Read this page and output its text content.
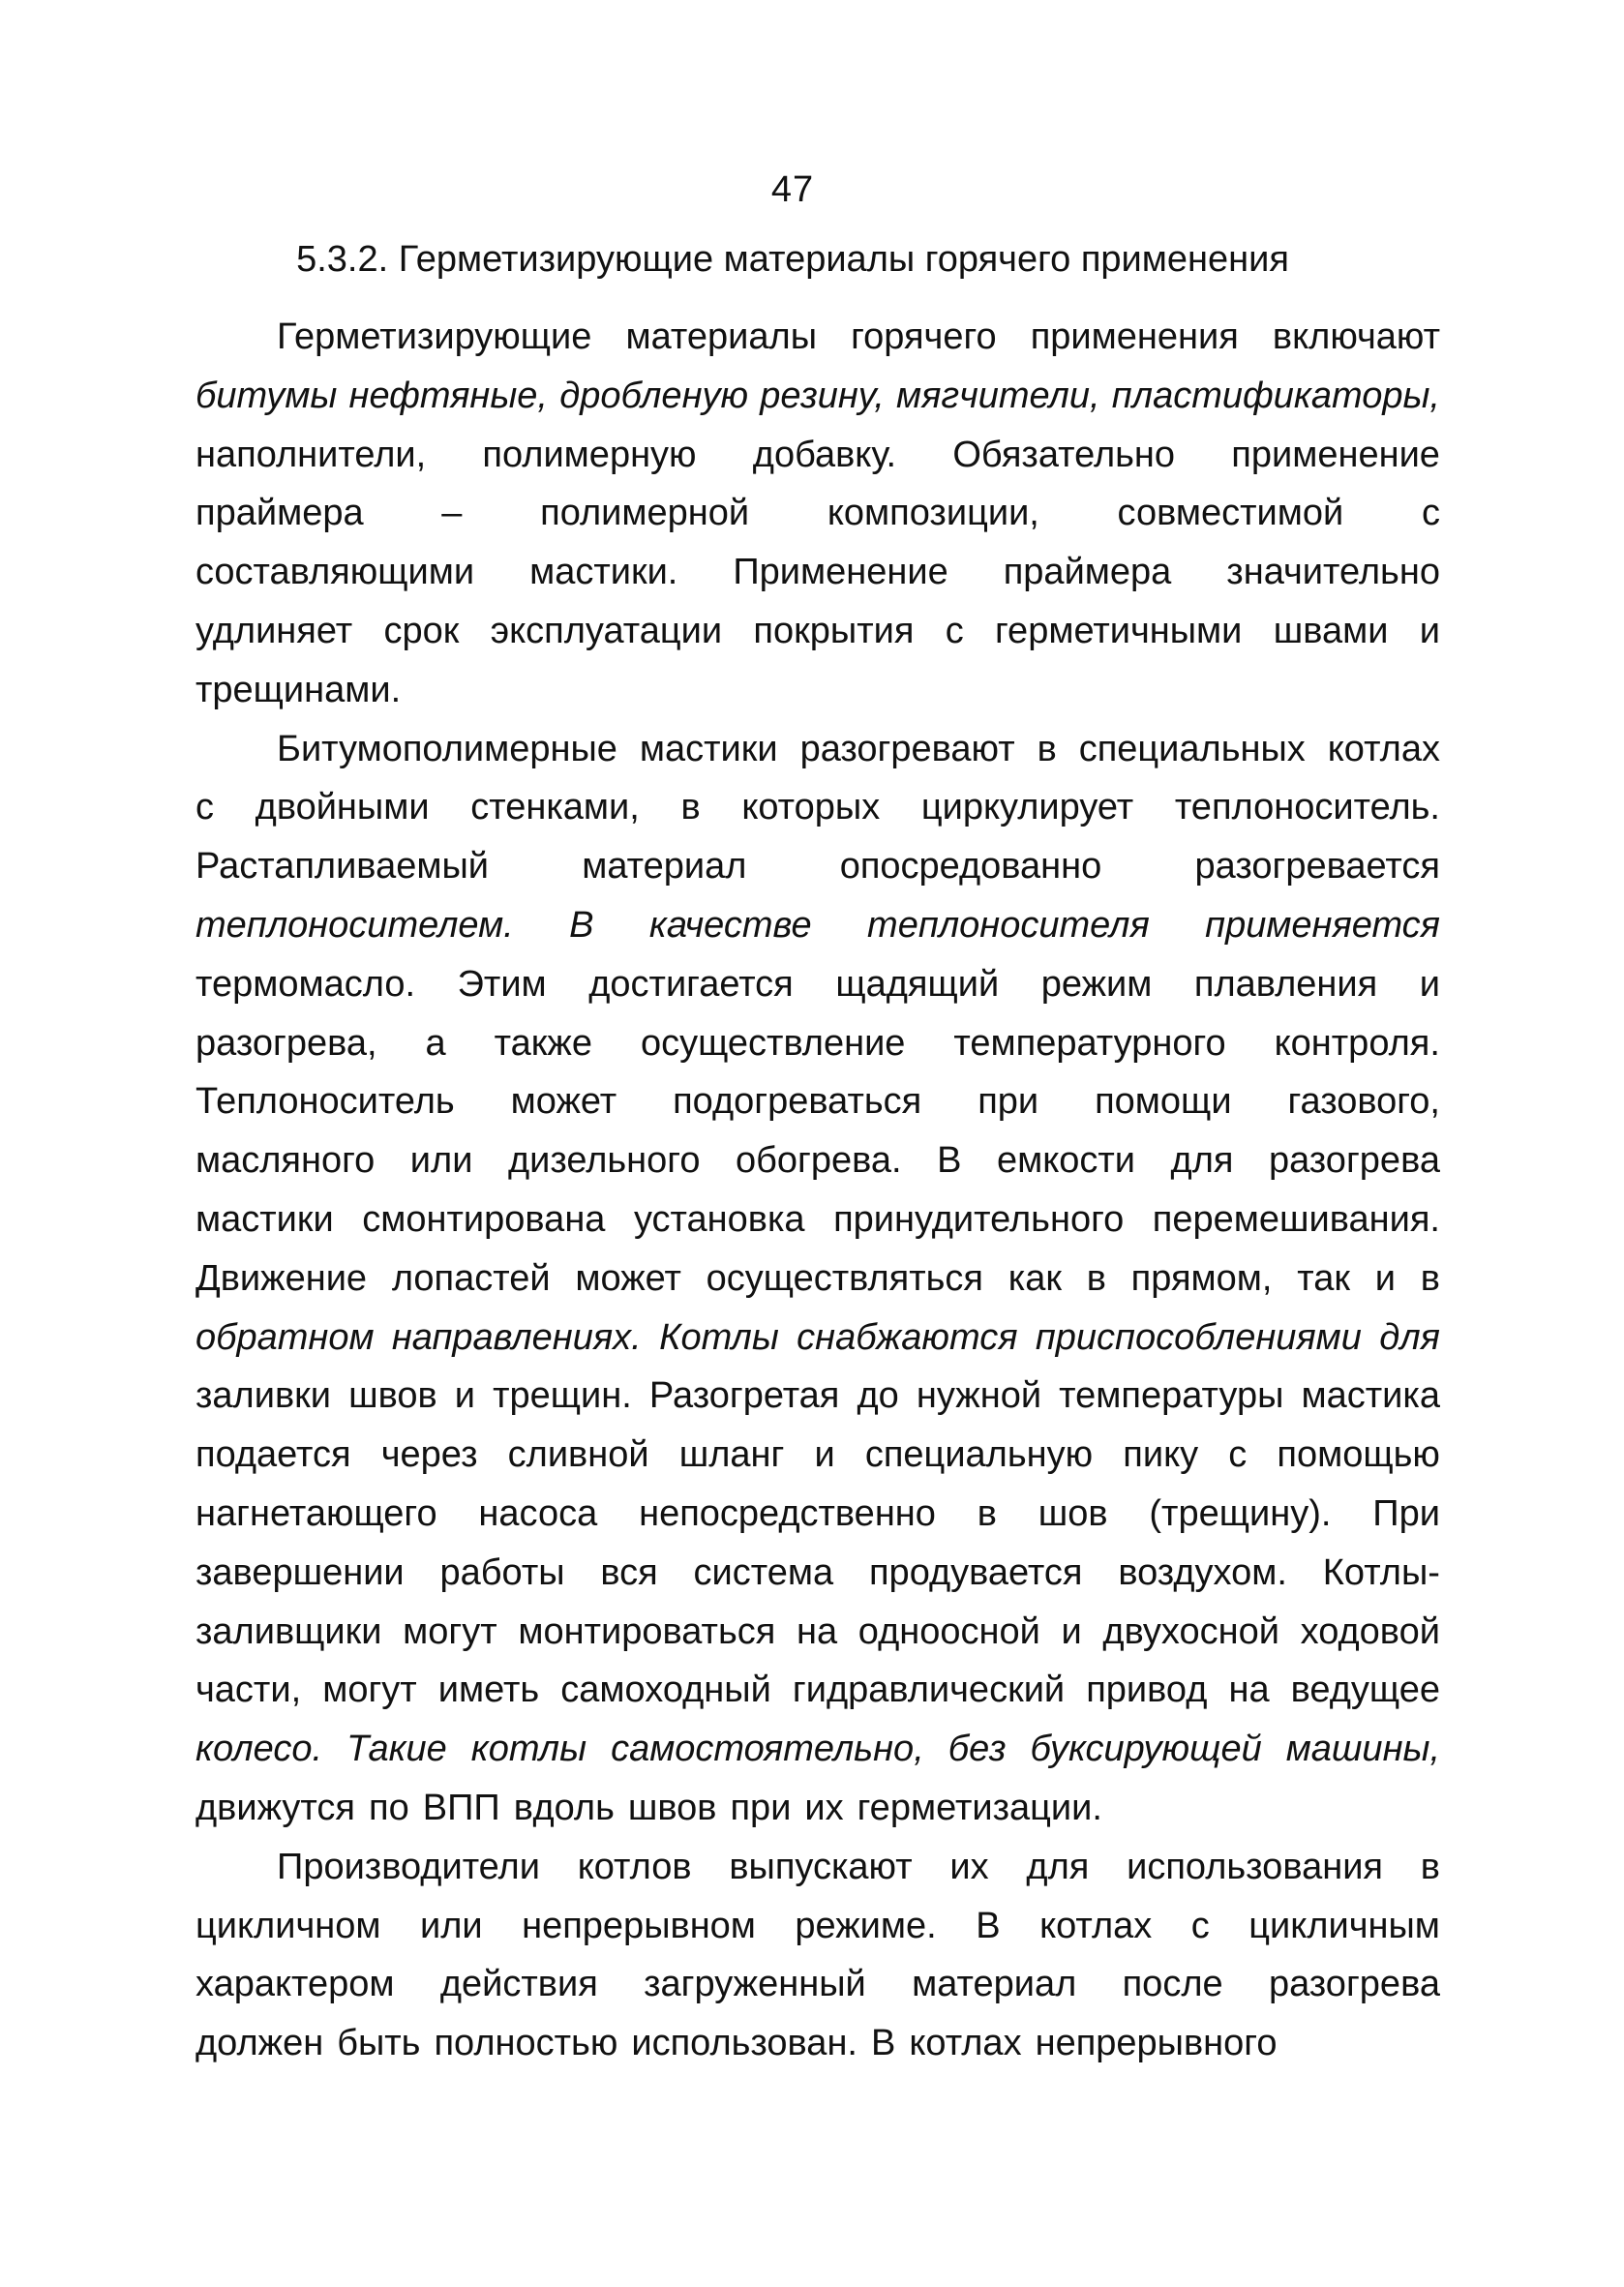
47
5.3.2. Герметизирующие материалы горячего применения
Герметизирующие материалы горячего применения включают
битумы нефтяные, дробленую резину, мягчители, пластификаторы,
наполнители, полимерную добавку. Обязательно применение
праймера – полимерной композиции, совместимой с
составляющими мастики. Применение праймера значительно
удлиняет срок эксплуатации покрытия с герметичными швами и
трещинами.
Битумополимерные мастики разогревают в специальных котлах
с двойными стенками, в которых циркулирует теплоноситель.
Растапливаемый	материал	опосредованно	разогревается
теплоносителем. В качестве теплоносителя применяется
термомасло. Этим достигается щадящий режим плавления и
разогрева, а также осуществление температурного контроля.
Теплоноситель может подогреваться при помощи газового,
масляного или дизельного обогрева. В емкости для разогрева
мастики смонтирована установка принудительного перемешивания.
Движение лопастей может осуществляться как в прямом, так и в
обратном направлениях. Котлы снабжаются приспособлениями для
заливки швов и трещин. Разогретая до нужной температуры мастика
подается через сливной шланг и специальную пику с помощью
нагнетающего насоса непосредственно в шов (трещину). При
завершении работы вся система продувается воздухом. Котлы-
заливщики могут монтироваться на одноосной и двухосной ходовой
части, могут иметь самоходный гидравлический привод на ведущее
колесо. Такие котлы самостоятельно, без буксирующей машины,
движутся по ВПП вдоль швов при их герметизации.
Производители котлов выпускают их для использования в
цикличном или непрерывном режиме. В котлах с цикличным
характером действия загруженный материал после разогрева
должен быть полностью использован. В котлах непрерывного
